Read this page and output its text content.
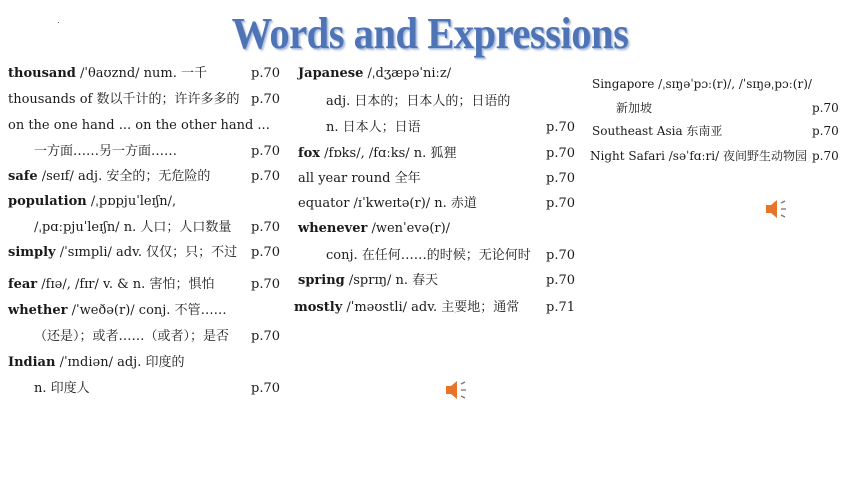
Words and Expressions
thousand /ˈθaʊznd/ num. 一千	p.70
thousands of 数以千计的；许许多多的 p.70
on the one hand ... on the other hand ...
一方面……另一方面……	p.70
safe /seɪf/ adj. 安全的；无危险的	p.70
population /ˌpɒpjuˈleɪʃn/,
/ˌpɑːpjuˈleɪʃn/ n. 人口；人口数量 p.70
simply /ˈsɪmpli/ adv. 仅仅；只；不过 p.70
fear /fɪə/, /fɪr/ v. & n. 害怕；惧怕	p.70
whether /ˈweðə(r)/ conj. 不管……
（还是）；或者……（或者）；是否 p.70
Indian /ˈɪndiən/ adj. 印度的
n. 印度人	p.70
Japanese /ˌdʒæpəˈniːz/
adj. 日本的；日本人的；日语的
n. 日本人；日语	p.70
fox /fɒks/, /fɑːks/ n. 狐狸	p.70
all year round 全年	p.70
equator /ɪˈkweɪtə(r)/ n. 赤道	p.70
whenever /wenˈevə(r)/
conj. 在任何……的时候；无论何时 p.70
spring /sprɪŋ/ n. 春天	p.70
mostly /ˈməʊstli/ adv. 主要地；通常 p.71
Singapore /ˌsɪŋəˈpɔː(r)/, /ˈsɪŋəˌpɔː(r)/
新加坡	p.70
Southeast Asia 东南亚	p.70
Night Safari /səˈfɑːri/ 夜间野生动物园 p.70
